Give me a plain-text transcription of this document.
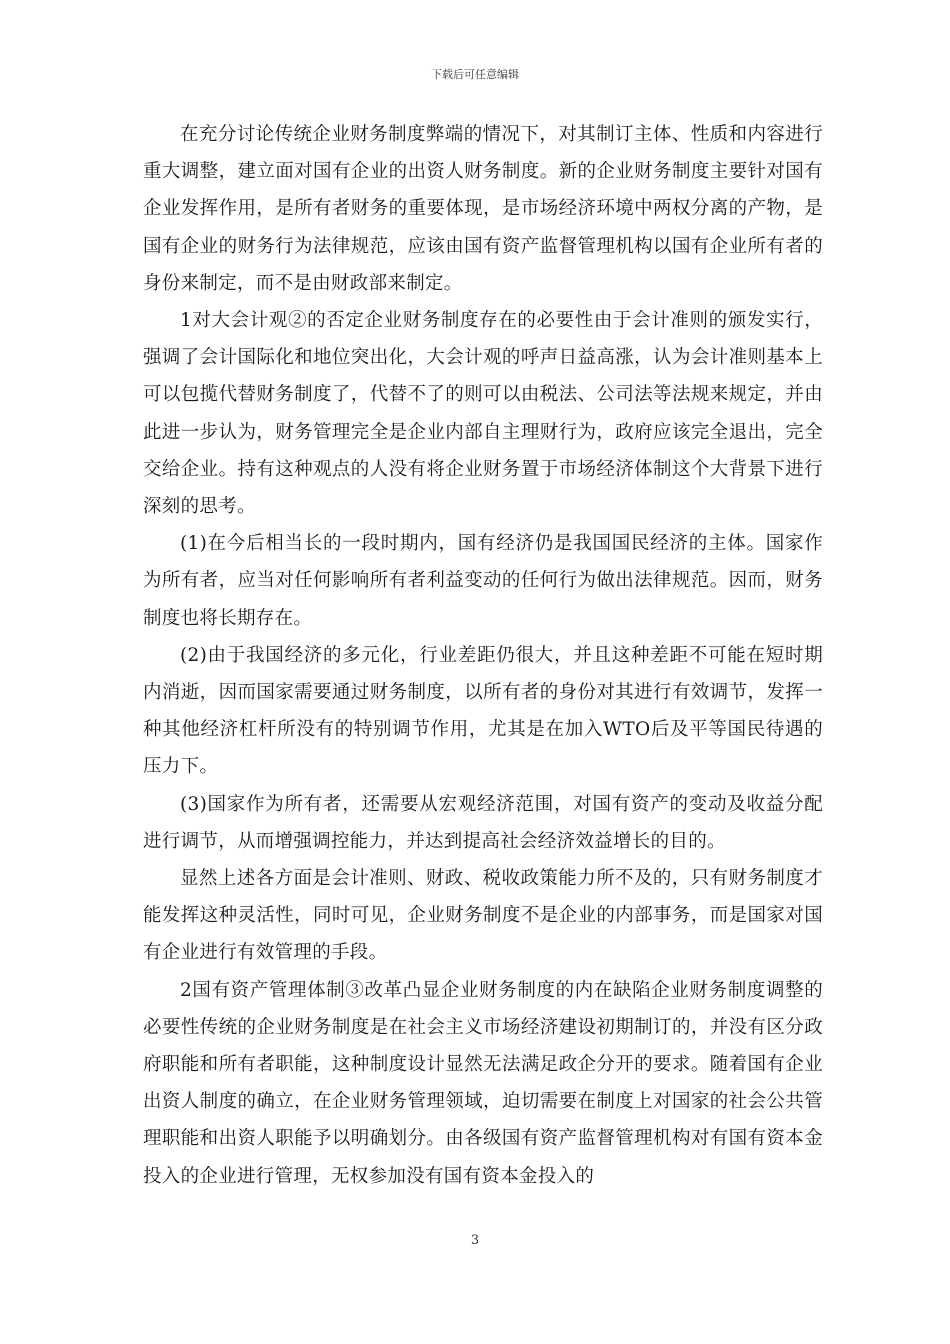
下载后可任意编辑

在充分讨论传统企业财务制度弊端的情况下，对其制订主体、性质和内容进行重大调整，建立面对国有企业的出资人财务制度。新的企业财务制度主要针对国有企业发挥作用，是所有者财务的重要体现，是市场经济环境中两权分离的产物，是国有企业的财务行为法律规范，应该由国有资产监督管理机构以国有企业所有者的身份来制定，而不是由财政部来制定。

1对大会计观②的否定企业财务制度存在的必要性由于会计准则的颁发实行，强调了会计国际化和地位突出化，大会计观的呼声日益高涨，认为会计准则基本上可以包揽代替财务制度了，代替不了的则可以由税法、公司法等法规来规定，并由此进一步认为，财务管理完全是企业内部自主理财行为，政府应该完全退出，完全交给企业。持有这种观点的人没有将企业财务置于市场经济体制这个大背景下进行深刻的思考。

(1)在今后相当长的一段时期内，国有经济仍是我国国民经济的主体。国家作为所有者，应当对任何影响所有者利益变动的任何行为做出法律规范。因而，财务制度也将长期存在。

(2)由于我国经济的多元化，行业差距仍很大，并且这种差距不可能在短时期内消逝，因而国家需要通过财务制度，以所有者的身份对其进行有效调节，发挥一种其他经济杠杆所没有的特别调节作用，尤其是在加入WTO后及平等国民待遇的压力下。

(3)国家作为所有者，还需要从宏观经济范围，对国有资产的变动及收益分配进行调节，从而增强调控能力，并达到提高社会经济效益增长的目的。

显然上述各方面是会计准则、财政、税收政策能力所不及的，只有财务制度才能发挥这种灵活性，同时可见，企业财务制度不是企业的内部事务，而是国家对国有企业进行有效管理的手段。

2国有资产管理体制③改革凸显企业财务制度的内在缺陷企业财务制度调整的必要性传统的企业财务制度是在社会主义市场经济建设初期制订的，并没有区分政府职能和所有者职能，这种制度设计显然无法满足政企分开的要求。随着国有企业出资人制度的确立，在企业财务管理领域，迫切需要在制度上对国家的社会公共管理职能和出资人职能予以明确划分。由各级国有资产监督管理机构对有国有资本金投入的企业进行管理，无权参加没有国有资本金投入的

3
